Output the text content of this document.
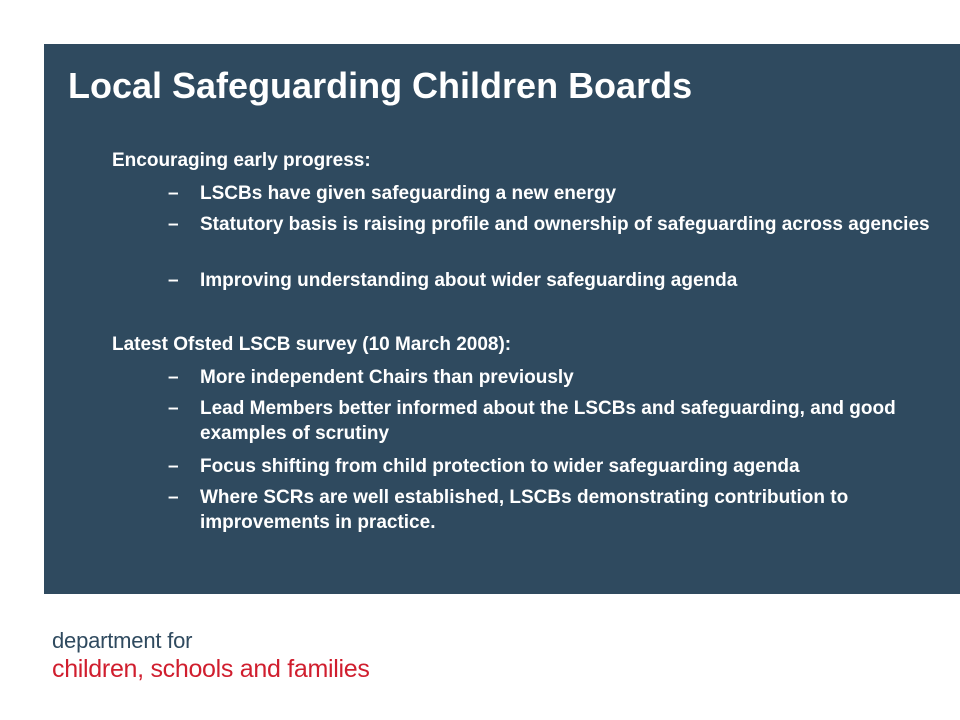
Local Safeguarding Children Boards
Encouraging early progress:
– LSCBs have given safeguarding a new energy
– Statutory basis is raising profile and ownership of safeguarding across agencies
– Improving understanding about wider safeguarding agenda
Latest Ofsted LSCB survey (10 March 2008):
– More independent Chairs than previously
– Lead Members better informed about the LSCBs and safeguarding, and good examples of scrutiny
– Focus shifting from child protection to wider safeguarding agenda
– Where SCRs are well established, LSCBs demonstrating contribution to improvements in practice.
department for
children, schools and families
